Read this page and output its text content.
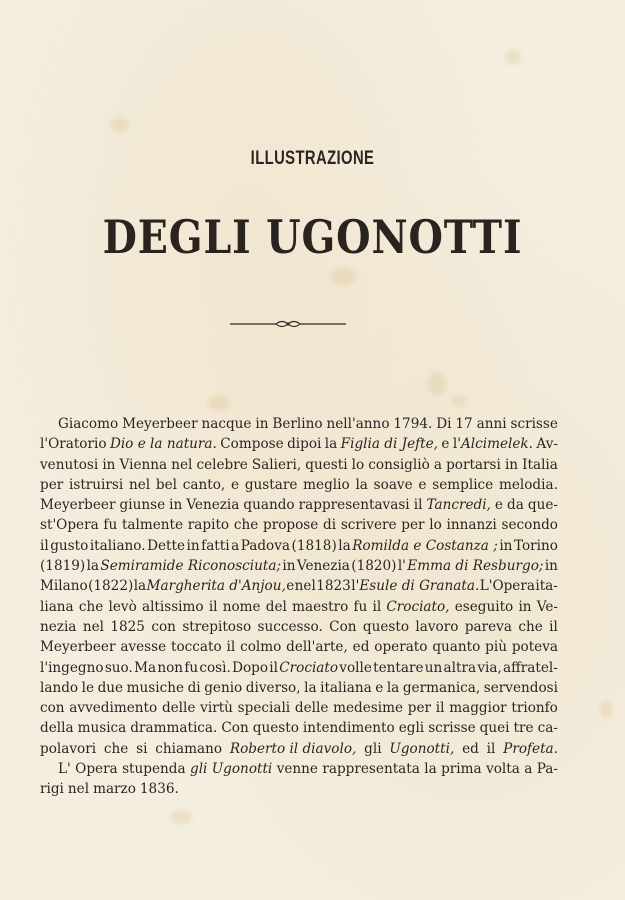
ILLUSTRAZIONE
DEGLI UGONOTTI
Giacomo Meyerbeer nacque in Berlino nell'anno 1794. Di 17 anni scrisse
l'Oratorio Dio e la natura. Compose dipoi la Figlia di Jefte, e l'Alcimelek. Av-
venutosi in Vienna nel celebre Salieri, questi lo consigliò a portarsi in Italia
per istruirsi nel bel canto, e gustare meglio la soave e semplice melodia.
Meyerbeer giunse in Venezia quando rappresentavasi il Tancredi, e da que-
st'Opera fu talmente rapito che propose di scrivere per lo innanzi secondo
il gusto italiano. Dette in fatti a Padova (1818) la Romilda e Costanza ; in Torino
(1819) la Semiramide Riconosciuta; in Venezia (1820) l' Emma di Resburgo; in
Milano (1822) la Margherita d'Anjou, e nel 1823 l'Esule di Granata. L'Opera ita-
liana che levò altissimo il nome del maestro fu il Crociato, eseguito in Ve-
nezia nel 1825 con strepitoso successo. Con questo lavoro pareva che il
Meyerbeer avesse toccato il colmo dell'arte, ed operato quanto più poteva
l'ingegno suo. Ma non fu così. Dopo il Crociato volle tentare un altra via, affratel-
lando le due musiche di genio diverso, la italiana e la germanica, servendosi
con avvedimento delle virtù speciali delle medesime per il maggior trionfo
della musica drammatica. Con questo intendimento egli scrisse quei tre ca-
polavori che si chiamano Roberto il diavolo, gli Ugonotti, ed il Profeta.
L' Opera stupenda gli Ugonotti venne rappresentata la prima volta a Pa-
rigi nel marzo 1836.
